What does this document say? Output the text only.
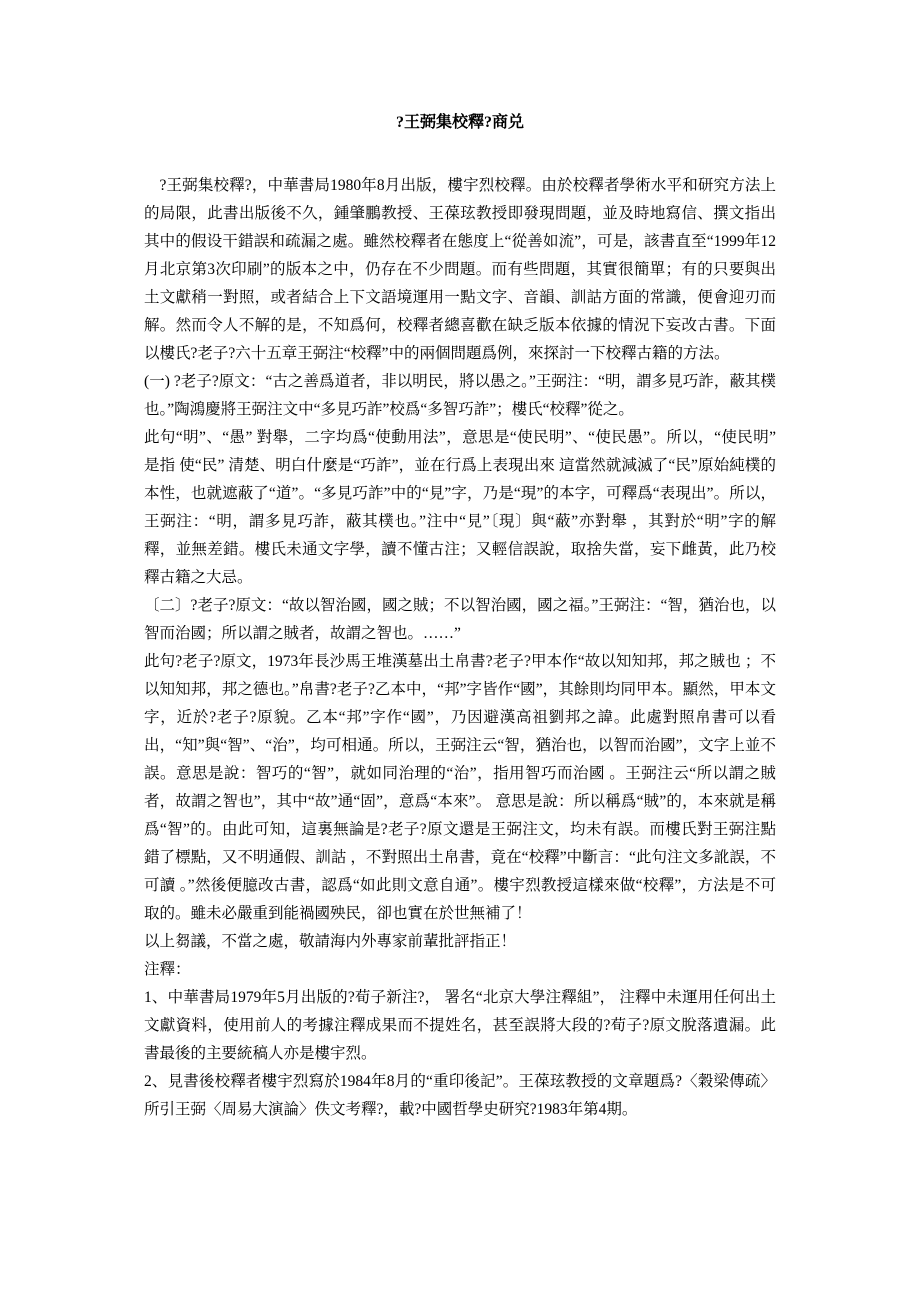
?王弼集校釋?商兑

?王弼集校釋?，中華書局1980年8月出版，樓宇烈校釋。由於校釋者學術水平和研究方法上的局限，此書出版後不久，鍾肇鵬教授、王葆玹教授即發現問題，並及時地寫信、撰文指出其中的假设干錯誤和疏漏之處。雖然校釋者在態度上“從善如流”，可是，該書直至“1999年12月北京第3次印刷”的版本之中，仍存在不少問題。而有些問題，其實很簡單；有的只要與出土文獻稍一對照，或者結合上下文語境運用一點文字、音韻、訓詁方面的常識，便會迎刃而解。然而令人不解的是，不知爲何，校釋者總喜歡在缺乏版本依據的情況下妄改古書。下面以樓氏?老子?六十五章王弼注“校釋”中的兩個問題爲例，來探討一下校釋古籍的方法。

(一) ?老子?原文：“古之善爲道者，非以明民，將以愚之。”王弼注：“明，謂多見巧詐，蔽其樸也。”陶鴻慶將王弼注文中“多見巧詐”校爲“多智巧詐”；樓氏“校釋”從之。

此句“明”、“愚” 對舉，二字均爲“使動用法”，意思是“使民明”、“使民愚”。所以，“使民明” 是指 使“民” 清楚、明白什麼是“巧詐”，並在行爲上表現出來 這當然就減滅了“民”原始純樸的本性，也就遮蔽了“道”。“多見巧詐”中的“見”字，乃是“現”的本字，可釋爲“表現出”。所以，王弼注：“明，謂多見巧詐，蔽其樸也。”注中“見”〔現〕與“蔽”亦對舉 ，其對於“明”字的解釋，並無差錯。樓氏未通文字學，讀不懂古注；又輕信誤說，取捨失當，妄下雌黃，此乃校釋古籍之大忌。

〔二〕?老子?原文：“故以智治國，國之賊；不以智治國，國之福。”王弼注：“智，猶治也，以智而治國；所以謂之賊者，故謂之智也。……”

此句?老子?原文，1973年長沙馬王堆漢墓出土帛書?老子?甲本作“故以知知邦，邦之賊也 ；不以知知邦，邦之德也。”帛書?老子?乙本中，“邦”字皆作“國”，其餘則均同甲本。顯然，甲本文字，近於?老子?原貌。乙本“邦”字作“國”，乃因避漢高祖劉邦之諱。此處對照帛書可以看出，“知”與“智”、“治”，均可相通。所以，王弼注云“智，猶治也，以智而治國”，文字上並不誤。意思是說：智巧的“智”，就如同治理的“治”，指用智巧而治國 。王弼注云“所以謂之賊者，故謂之智也”，其中“故”通“固”，意爲“本來”。 意思是說：所以稱爲“賊”的，本來就是稱爲“智”的。由此可知，這裏無論是?老子?原文還是王弼注文，均未有誤。而樓氏對王弼注點錯了標點，又不明通假、訓詁 ，不對照出土帛書，竟在“校釋”中斷言：“此句注文多訛誤，不可讀 。”然後便臆改古書，認爲“如此則文意自通”。樓宇烈教授這樣來做“校釋”，方法是不可取的。雖未必嚴重到能禍國殃民，卻也實在於世無補了！

以上芻議，不當之處，敬請海内外專家前輩批評指正！

注釋：

1、中華書局1979年5月出版的?荀子新注?， 署名“北京大學注釋組”， 注釋中未運用任何出土文獻資料，使用前人的考據注釋成果而不提姓名，甚至誤將大段的?荀子?原文脫落遺漏。此書最後的主要統稿人亦是樓宇烈。

2、見書後校釋者樓宇烈寫於1984年8月的“重印後記”。王葆玹教授的文章題爲?〈穀梁傳疏〉所引王弼〈周易大演論〉佚文考釋?，載?中國哲學史研究?1983年第4期。
